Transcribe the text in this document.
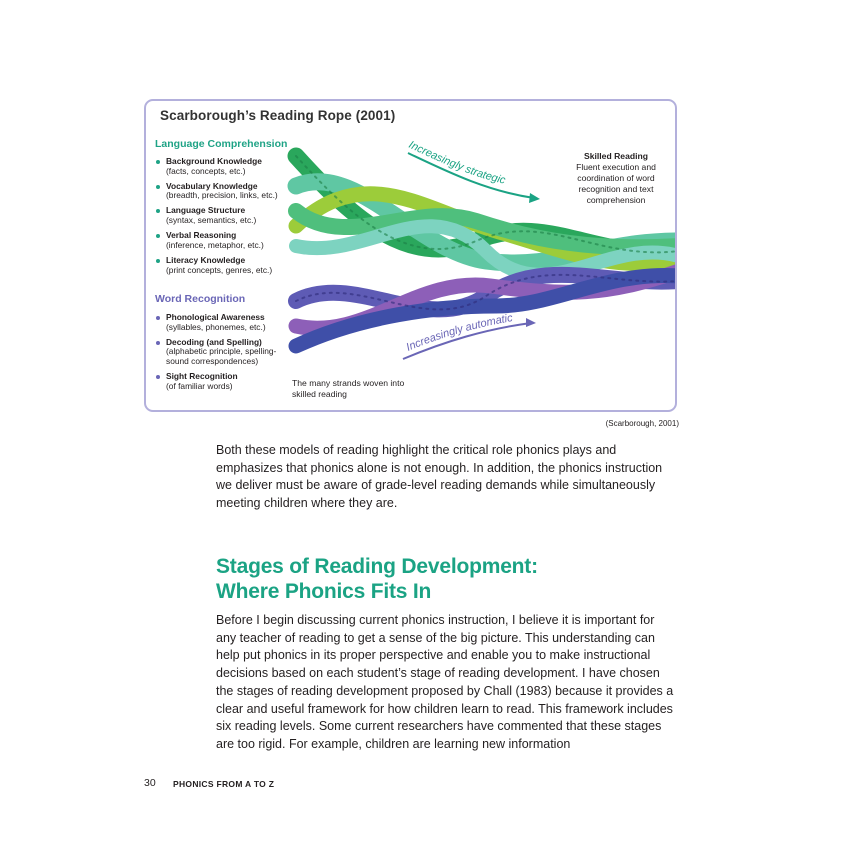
Increasingly strategic
Increasingly automatic
Scarborough’s Reading Rope (2001)
Language Comprehension
Background Knowledge
(facts, concepts, etc.)
Vocabulary Knowledge
(breadth, precision, links, etc.)
Language Structure
(syntax, semantics, etc.)
Verbal Reasoning
(inference, metaphor, etc.)
Literacy Knowledge
(print concepts, genres, etc.)
Word Recognition
Phonological Awareness
(syllables, phonemes, etc.)
Decoding (and Spelling)
(alphabetic principle, spelling-sound correspondences)
Sight Recognition
(of familiar words)
Skilled Reading
Fluent execution and coordination of word recognition and text comprehension
The many strands woven into skilled reading
(Scarborough, 2001)

Both these models of reading highlight the critical role phonics plays and emphasizes that phonics alone is not enough. In addition, the phonics instruction we deliver must be aware of grade-level reading demands while simultaneously meeting children where they are.

Stages of Reading Development:
Where Phonics Fits In

Before I begin discussing current phonics instruction, I believe it is important for any teacher of reading to get a sense of the big picture. This understanding can help put phonics in its proper perspective and enable you to make instructional decisions based on each student’s stage of reading development. I have chosen the stages of reading development proposed by Chall (1983) because it provides a clear and useful framework for how children learn to read. This framework includes six reading levels. Some current researchers have commented that these stages are too rigid. For example, children are learning new information

30 PHONICS FROM A TO Z
